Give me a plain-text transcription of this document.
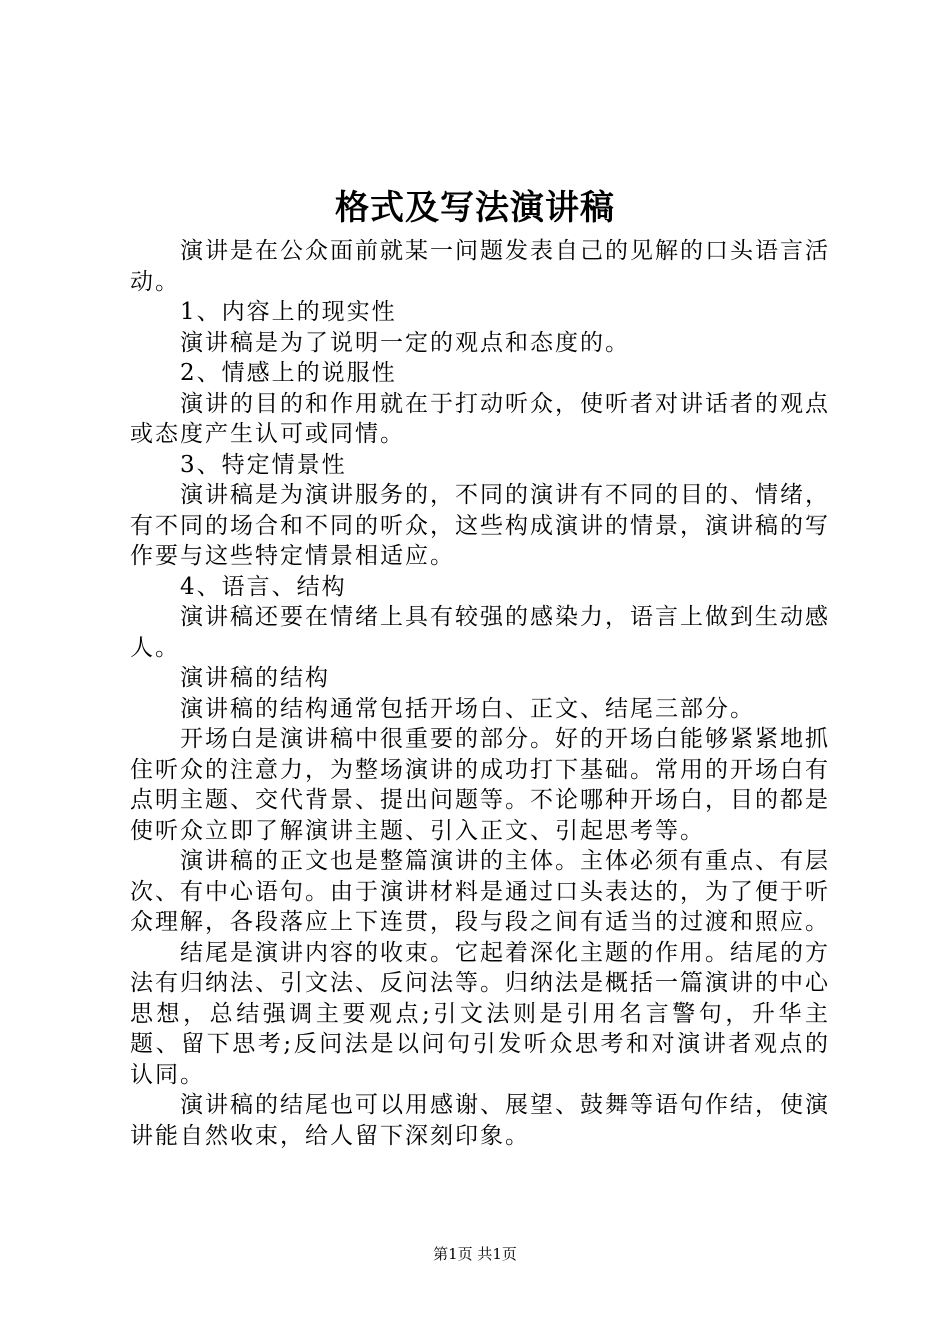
格式及写法演讲稿

演讲是在公众面前就某一问题发表自己的见解的口头语言活动。

1、内容上的现实性

演讲稿是为了说明一定的观点和态度的。

2、情感上的说服性

演讲的目的和作用就在于打动听众，使听者对讲话者的观点或态度产生认可或同情。

3、特定情景性

演讲稿是为演讲服务的，不同的演讲有不同的目的、情绪，有不同的场合和不同的听众，这些构成演讲的情景，演讲稿的写作要与这些特定情景相适应。

4、语言、结构

演讲稿还要在情绪上具有较强的感染力，语言上做到生动感人。

演讲稿的结构

演讲稿的结构通常包括开场白、正文、结尾三部分。

开场白是演讲稿中很重要的部分。好的开场白能够紧紧地抓住听众的注意力，为整场演讲的成功打下基础。常用的开场白有点明主题、交代背景、提出问题等。不论哪种开场白，目的都是使听众立即了解演讲主题、引入正文、引起思考等。

演讲稿的正文也是整篇演讲的主体。主体必须有重点、有层次、有中心语句。由于演讲材料是通过口头表达的，为了便于听众理解，各段落应上下连贯，段与段之间有适当的过渡和照应。

结尾是演讲内容的收束。它起着深化主题的作用。结尾的方法有归纳法、引文法、反问法等。归纳法是概括一篇演讲的中心思想，总结强调主要观点;引文法则是引用名言警句，升华主题、留下思考;反问法是以问句引发听众思考和对演讲者观点的认同。

演讲稿的结尾也可以用感谢、展望、鼓舞等语句作结，使演讲能自然收束，给人留下深刻印象。

第1页 共1页
